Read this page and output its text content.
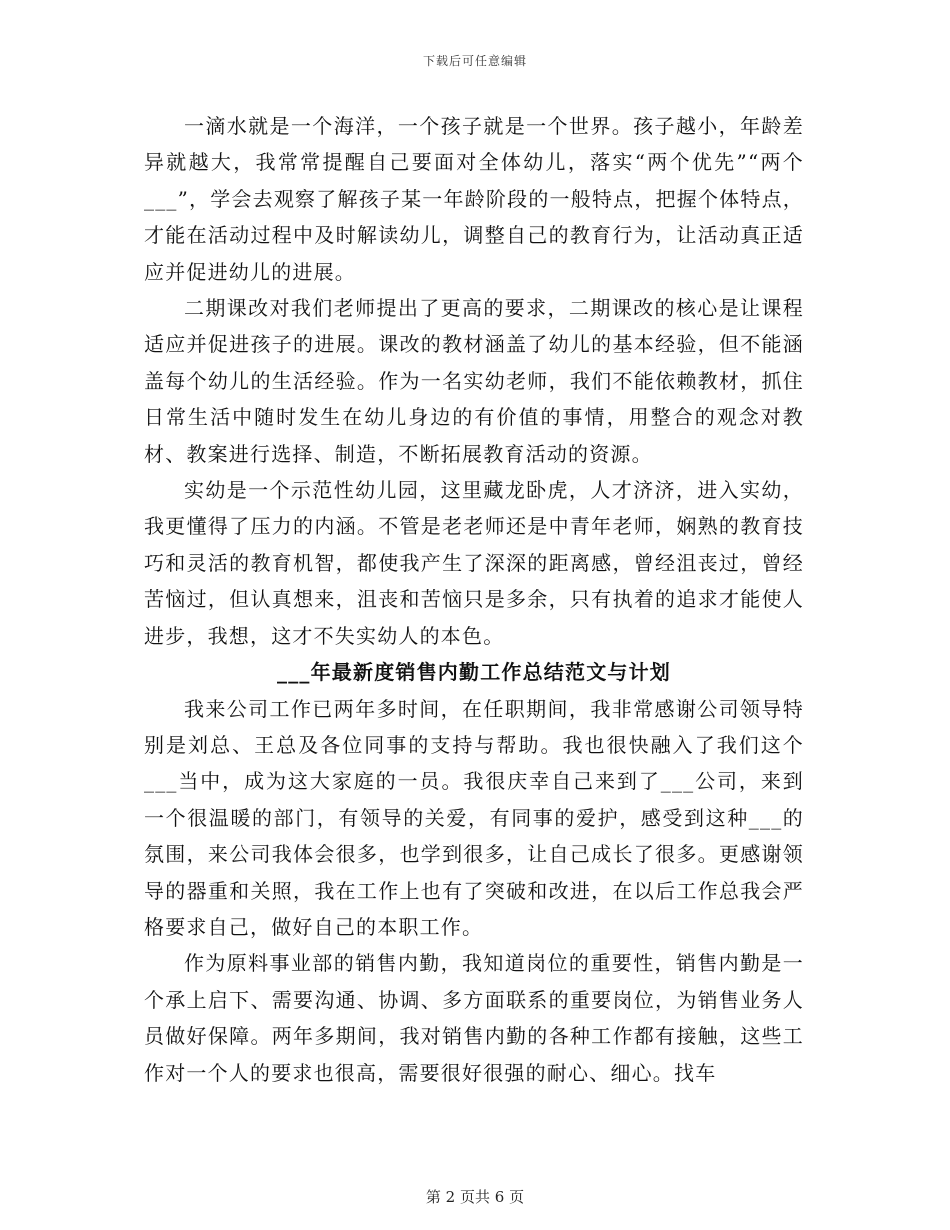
下载后可任意编辑

一滴水就是一个海洋，一个孩子就是一个世界。孩子越小，年龄差异就越大，我常常提醒自己要面对全体幼儿，落实“两个优先”“两个___”，学会去观察了解孩子某一年龄阶段的一般特点，把握个体特点，才能在活动过程中及时解读幼儿，调整自己的教育行为，让活动真正适应并促进幼儿的进展。

二期课改对我们老师提出了更高的要求，二期课改的核心是让课程适应并促进孩子的进展。课改的教材涵盖了幼儿的基本经验，但不能涵盖每个幼儿的生活经验。作为一名实幼老师，我们不能依赖教材，抓住日常生活中随时发生在幼儿身边的有价值的事情，用整合的观念对教材、教案进行选择、制造，不断拓展教育活动的资源。

实幼是一个示范性幼儿园，这里藏龙卧虎，人才济济，进入实幼，我更懂得了压力的内涵。不管是老老师还是中青年老师，娴熟的教育技巧和灵活的教育机智，都使我产生了深深的距离感，曾经沮丧过，曾经苦恼过，但认真想来，沮丧和苦恼只是多余，只有执着的追求才能使人进步，我想，这才不失实幼人的本色。

___年最新度销售内勤工作总结范文与计划

我来公司工作已两年多时间，在任职期间，我非常感谢公司领导特别是刘总、王总及各位同事的支持与帮助。我也很快融入了我们这个___当中，成为这大家庭的一员。我很庆幸自己来到了___公司，来到一个很温暖的部门，有领导的关爱，有同事的爱护，感受到这种___的氛围，来公司我体会很多，也学到很多，让自己成长了很多。更感谢领导的器重和关照，我在工作上也有了突破和改进，在以后工作总我会严格要求自己，做好自己的本职工作。

作为原料事业部的销售内勤，我知道岗位的重要性，销售内勤是一个承上启下、需要沟通、协调、多方面联系的重要岗位，为销售业务人员做好保障。两年多期间，我对销售内勤的各种工作都有接触，这些工作对一个人的要求也很高，需要很好很强的耐心、细心。找车

第 2 页共 6 页
